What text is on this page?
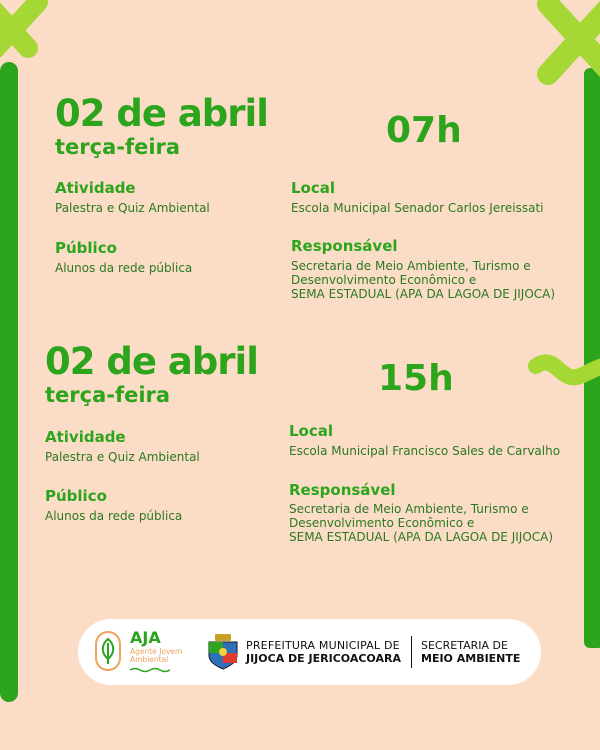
02 de abril
terça-feira	07h
Atividade
Palestra e Quiz Ambiental
Público
Alunos da rede pública
Local
Escola Municipal Senador Carlos Jereissati
Responsável
Secretaria de Meio Ambiente, Turismo e
Desenvolvimento Econômico e
SEMA ESTADUAL (APA DA LAGOA DE JIJOCA)
02 de abril
terça-feira	15h
Atividade
Palestra e Quiz Ambiental
Público
Alunos da rede pública
Local
Escola Municipal Francisco Sales de Carvalho
Responsável
Secretaria de Meio Ambiente, Turismo e
Desenvolvimento Econômico e
SEMA ESTADUAL (APA DA LAGOA DE JIJOCA)
AJA
Agente Jovem
Ambiental
PREFEITURA MUNICIPAL DE
JIJOCA DE JERICOACOARA
SECRETARIA DE
MEIO AMBIENTE
